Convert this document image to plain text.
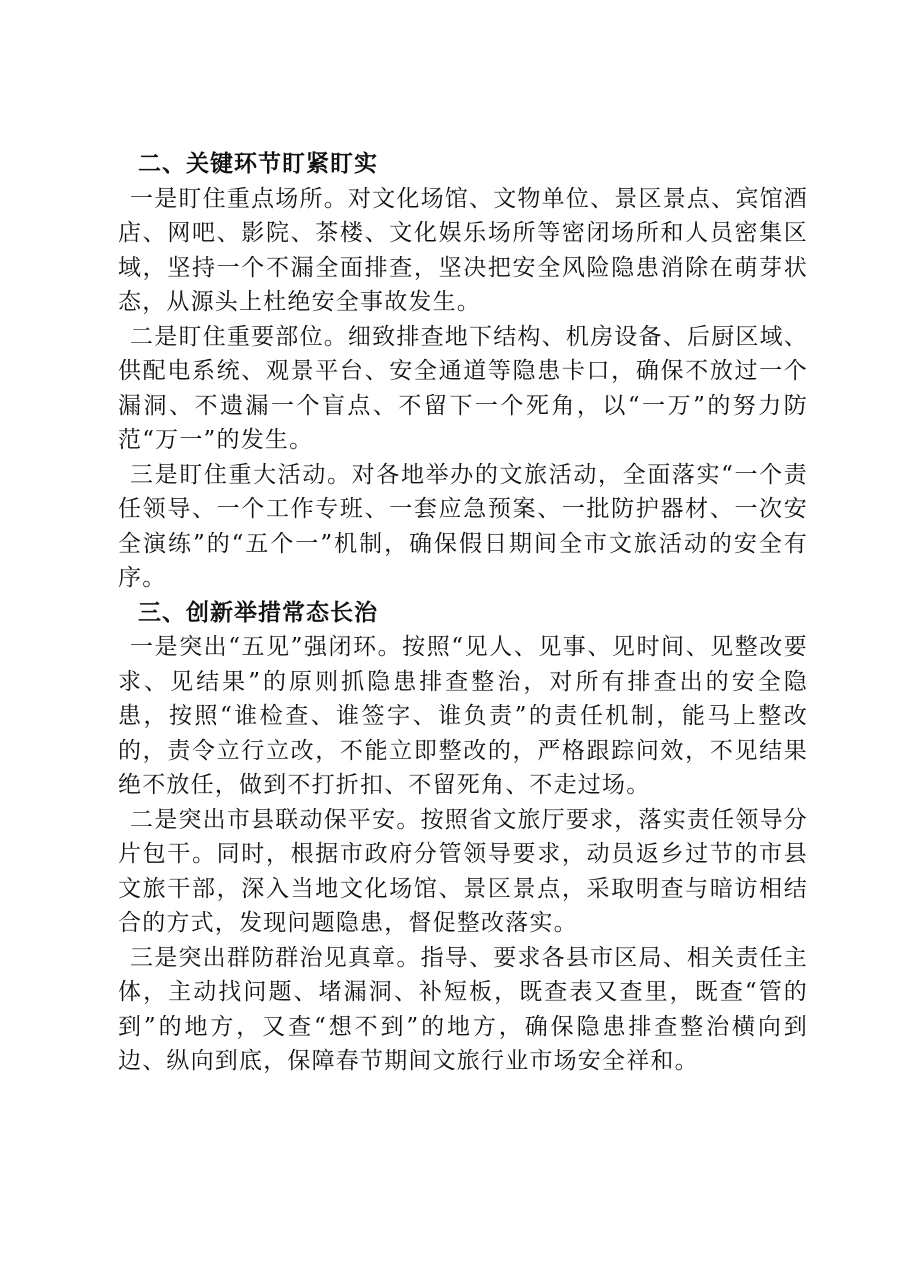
二、关键环节盯紧盯实

一是盯住重点场所。对文化场馆、文物单位、景区景点、宾馆酒店、网吧、影院、茶楼、文化娱乐场所等密闭场所和人员密集区域，坚持一个不漏全面排查，坚决把安全风险隐患消除在萌芽状态，从源头上杜绝安全事故发生。

二是盯住重要部位。细致排查地下结构、机房设备、后厨区域、供配电系统、观景平台、安全通道等隐患卡口，确保不放过一个漏洞、不遗漏一个盲点、不留下一个死角，以“一万”的努力防范“万一”的发生。

三是盯住重大活动。对各地举办的文旅活动，全面落实“一个责任领导、一个工作专班、一套应急预案、一批防护器材、一次安全演练”的“五个一”机制，确保假日期间全市文旅活动的安全有序。

三、创新举措常态长治

一是突出“五见”强闭环。按照“见人、见事、见时间、见整改要求、见结果”的原则抓隐患排查整治，对所有排查出的安全隐患，按照“谁检查、谁签字、谁负责”的责任机制，能马上整改的，责令立行立改，不能立即整改的，严格跟踪问效，不见结果绝不放任，做到不打折扣、不留死角、不走过场。

二是突出市县联动保平安。按照省文旅厅要求，落实责任领导分片包干。同时，根据市政府分管领导要求，动员返乡过节的市县文旅干部，深入当地文化场馆、景区景点，采取明查与暗访相结合的方式，发现问题隐患，督促整改落实。

三是突出群防群治见真章。指导、要求各县市区局、相关责任主体，主动找问题、堵漏洞、补短板，既查表又查里，既查“管的到”的地方，又查“想不到”的地方，确保隐患排查整治横向到边、纵向到底，保障春节期间文旅行业市场安全祥和。
